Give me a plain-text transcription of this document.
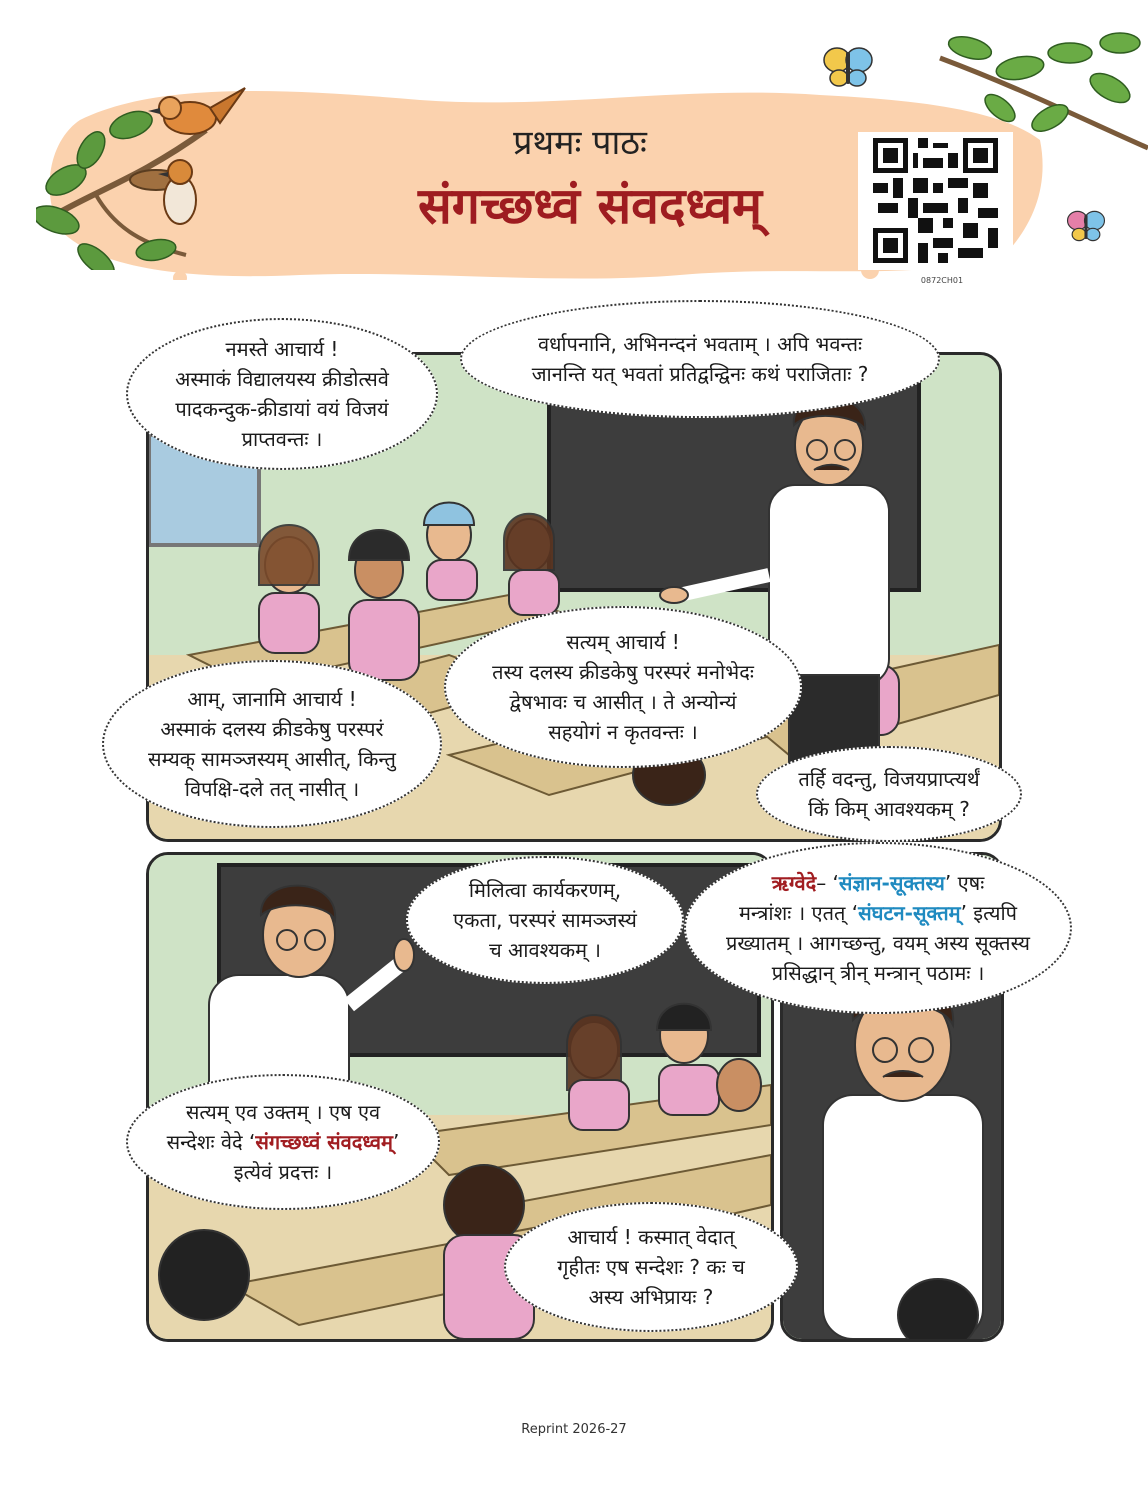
प्रथमः पाठः
संगच्छध्वं संवदध्वम्
0872CH01
नमस्ते आचार्य !
अस्माकं विद्यालयस्य क्रीडोत्सवे
पादकन्दुक-क्रीडायां वयं विजयं
प्राप्तवन्तः ।
वर्धापनानि, अभिनन्दनं भवताम् । अपि भवन्तः
जानन्ति यत् भवतां प्रतिद्वन्द्विनः कथं पराजिताः ?
सत्यम् आचार्य !
तस्य दलस्य क्रीडकेषु परस्परं मनोभेदः
द्वेषभावः च आसीत् । ते अन्योन्यं
सहयोगं न कृतवन्तः ।
आम्, जानामि आचार्य !
अस्माकं दलस्य क्रीडकेषु परस्परं
सम्यक् सामञ्जस्यम् आसीत्, किन्तु
विपक्षि-दले तत् नासीत् ।	तर्हि वदन्तु, विजयप्राप्त्यर्थं
किं किम् आवश्यकम् ?
मिलित्वा कार्यकरणम्,
एकता, परस्परं सामञ्जस्यं
च आवश्यकम् ।
ऋग्वेदे– ‘संज्ञान-सूक्तस्य’ एषः
मन्त्रांशः । एतत् ‘संघटन-सूक्तम्’ इत्यपि
प्रख्यातम् । आगच्छन्तु, वयम् अस्य सूक्तस्य
प्रसिद्धान् त्रीन् मन्त्रान् पठामः ।
सत्यम् एव उक्तम् । एष एव
सन्देशः वेदे ‘संगच्छध्वं संवदध्वम्’
इत्येवं प्रदत्तः ।
आचार्य ! कस्मात् वेदात्
गृहीतः एष सन्देशः ? कः च
अस्य अभिप्रायः ?
Reprint 2026-27
